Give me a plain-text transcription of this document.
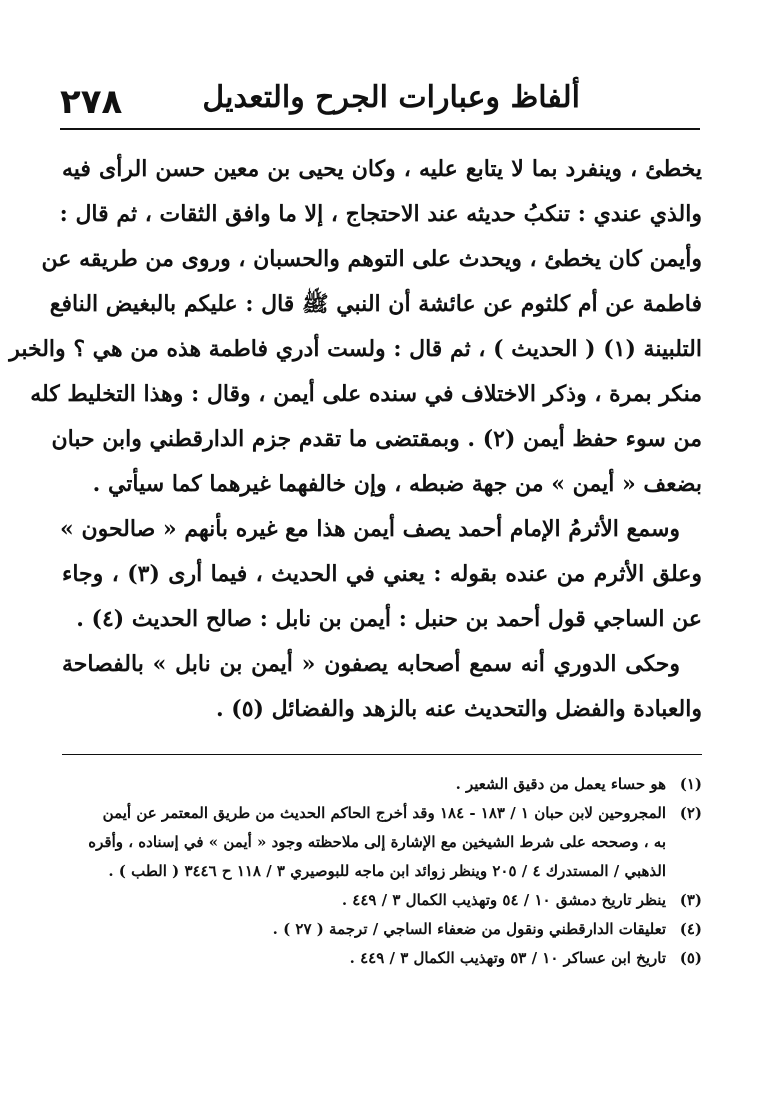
٢٧٨	ألفاظ وعبارات الجرح والتعديل
يخطئ ، وينفرد بما لا يتابع عليه ، وكان يحيى بن معين حسن الرأى فيه
والذي عندي : تنكبُ حديثه عند الاحتجاج ، إلا ما وافق الثقات ، ثم قال :
وأيمن كان يخطئ ، ويحدث على التوهم والحسبان ، وروى من طريقه عن
فاطمة عن أم كلثوم عن عائشة أن النبي ﷺ قال : عليكم بالبغيض النافع
التلبينة (١) ( الحديث ) ، ثم قال : ولست أدري فاطمة هذه من هي ؟ والخبر
منكر بمرة ، وذكر الاختلاف في سنده على أيمن ، وقال : وهذا التخليط كله
من سوء حفظ أيمن (٢) . وبمقتضى ما تقدم جزم الدارقطني وابن حبان
بضعف « أيمن » من جهة ضبطه ، وإن خالفهما غيرهما كما سيأتي .
وسمع الأثرمُ الإمام أحمد يصف أيمن هذا مع غيره بأنهم « صالحون »
وعلق الأثرم من عنده بقوله : يعني في الحديث ، فيما أرى (٣) ، وجاء
عن الساجي قول أحمد بن حنبل : أيمن بن نابل : صالح الحديث (٤) .
وحكى الدوري أنه سمع أصحابه يصفون « أيمن بن نابل » بالفصاحة
والعبادة والفضل والتحديث عنه بالزهد والفضائل (٥) .
(١)
هو حساء يعمل من دقيق الشعير .
(٢)
المجروحين لابن حبان ١ / ١٨٣ - ١٨٤ وقد أخرج الحاكم الحديث من طريق المعتمر عن أيمن
به ، وصححه على شرط الشيخين مع الإشارة إلى ملاحظته وجود « أيمن » في إسناده ، وأقره
الذهبي / المستدرك ٤ / ٢٠٥ وينظر زوائد ابن ماجه للبوصيري ٣ / ١١٨ ح ٣٤٤٦ ( الطب ) .
(٣)
ينظر تاريخ دمشق ١٠ / ٥٤ وتهذيب الكمال ٣ / ٤٤٩ .
(٤)
تعليقات الدارقطني ونقول من ضعفاء الساجي / ترجمة ( ٢٧ ) .
(٥)
تاريخ ابن عساكر ١٠ / ٥٣ وتهذيب الكمال ٣ / ٤٤٩ .
